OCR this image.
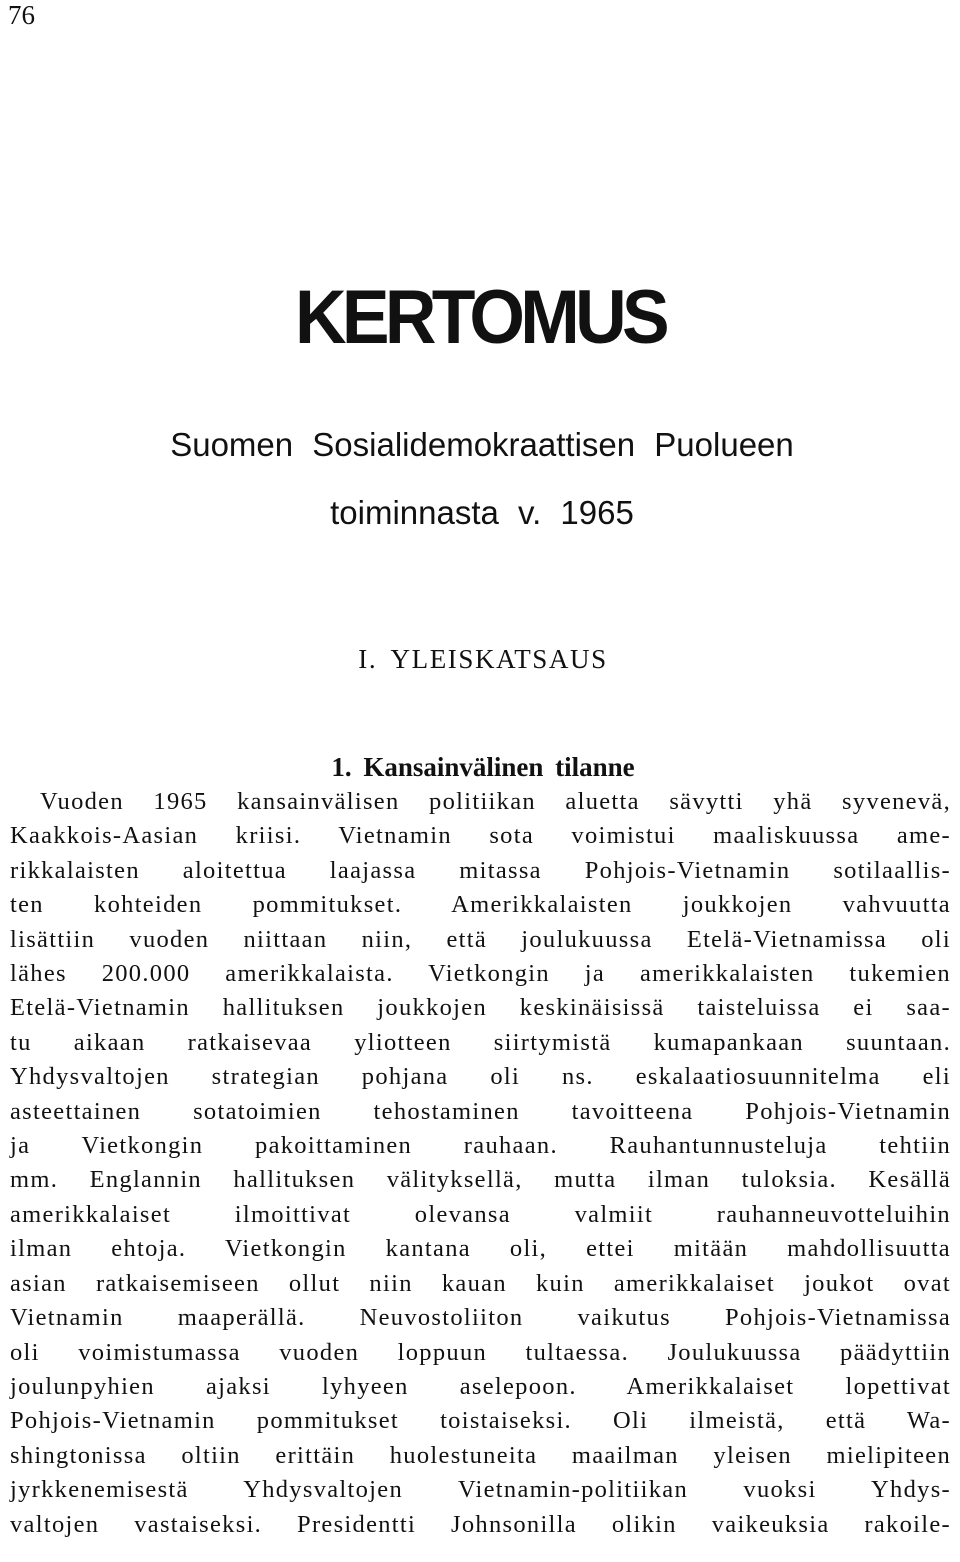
76
KERTOMUS
Suomen Sosialidemokraattisen Puolueen
toiminnasta v. 1965
I. YLEISKATSAUS
1. Kansainvälinen tilanne
Vuoden 1965 kansainvälisen politiikan aluetta sävytti yhä syvenevä,
Kaakkois-Aasian kriisi. Vietnamin sota voimistui maaliskuussa ame-
rikkalaisten aloitettua laajassa mitassa Pohjois-Vietnamin sotilaallis-
ten kohteiden pommitukset. Amerikkalaisten joukkojen vahvuutta
lisättiin vuoden niittaan niin, että joulukuussa Etelä-Vietnamissa oli
lähes 200.000 amerikkalaista. Vietkongin ja amerikkalaisten tukemien
Etelä-Vietnamin hallituksen joukkojen keskinäisissä taisteluissa ei saa-
tu aikaan ratkaisevaa yliotteen siirtymistä kumapankaan suuntaan.
Yhdysvaltojen strategian pohjana oli ns. eskalaatiosuunnitelma eli
asteettainen sotatoimien tehostaminen tavoitteena Pohjois-Vietnamin
ja Vietkongin pakoittaminen rauhaan. Rauhantunnusteluja tehtiin
mm. Englannin hallituksen välityksellä, mutta ilman tuloksia. Kesällä
amerikkalaiset ilmoittivat olevansa valmiit rauhanneuvotteluihin
ilman ehtoja. Vietkongin kantana oli, ettei mitään mahdollisuutta
asian ratkaisemiseen ollut niin kauan kuin amerikkalaiset joukot ovat
Vietnamin maaperällä. Neuvostoliiton vaikutus Pohjois-Vietnamissa
oli voimistumassa vuoden loppuun tultaessa. Joulukuussa päädyttiin
joulunpyhien ajaksi lyhyeen aselepoon. Amerikkalaiset lopettivat
Pohjois-Vietnamin pommitukset toistaiseksi. Oli ilmeistä, että Wa-
shingtonissa oltiin erittäin huolestuneita maailman yleisen mielipiteen
jyrkkenemisestä Yhdysvaltojen Vietnamin-politiikan vuoksi Yhdys-
valtojen vastaiseksi. Presidentti Johnsonilla olikin vaikeuksia rakoile-
